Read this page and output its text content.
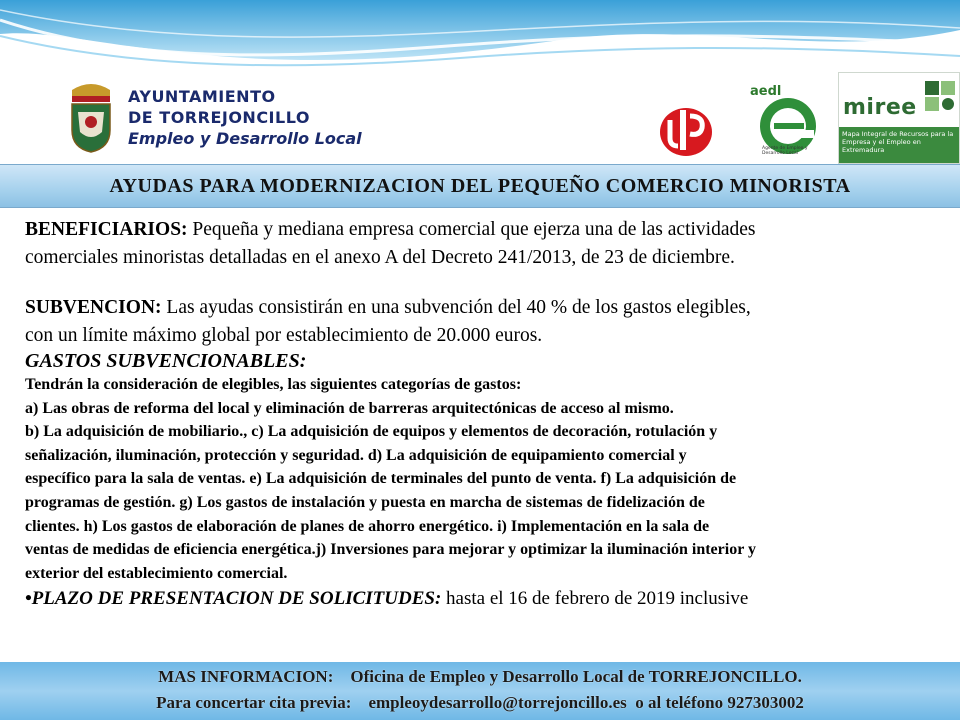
AYUNTAMIENTO
DE TORREJONCILLO
Empleo y Desarrollo Local
aedl
Agente de Empleo y Desarrollo Local
miree
Mapa Integral de Recursos para la Empresa y el Empleo en Extremadura
AYUDAS PARA MODERNIZACION DEL PEQUEÑO COMERCIO MINORISTA

BENEFICIARIOS: Pequeña y mediana empresa comercial que ejerza una de las actividades

comerciales minoristas detalladas en el anexo A del Decreto 241/2013, de 23 de diciembre.

SUBVENCION: Las ayudas consistirán en una subvención del 40 % de los gastos elegibles,

con un límite máximo global por establecimiento de 20.000 euros.

GASTOS SUBVENCIONABLES:

Tendrán la consideración de elegibles, las siguientes categorías de gastos:

a) Las obras de reforma del local y eliminación de barreras arquitectónicas de acceso al mismo.

b) La adquisición de mobiliario., c) La adquisición de equipos y elementos de decoración, rotulación y

señalización, iluminación, protección y seguridad. d) La adquisición de equipamiento comercial y

específico para la sala de ventas. e) La adquisición de terminales del punto de venta. f) La adquisición de

programas de gestión. g) Los gastos de instalación y puesta en marcha de sistemas de fidelización de

clientes. h) Los gastos de elaboración de planes de ahorro energético. i) Implementación en la sala de

ventas de medidas de eficiencia energética.j) Inversiones para mejorar y optimizar la iluminación interior y

exterior del establecimiento comercial.

•PLAZO DE PRESENTACION DE SOLICITUDES: hasta el 16 de febrero de 2019 inclusive

MAS INFORMACION:    Oficina de Empleo y Desarrollo Local de TORREJONCILLO.
Para concertar cita previa:    empleoydesarrollo@torrejoncillo.es  o al teléfono 927303002
